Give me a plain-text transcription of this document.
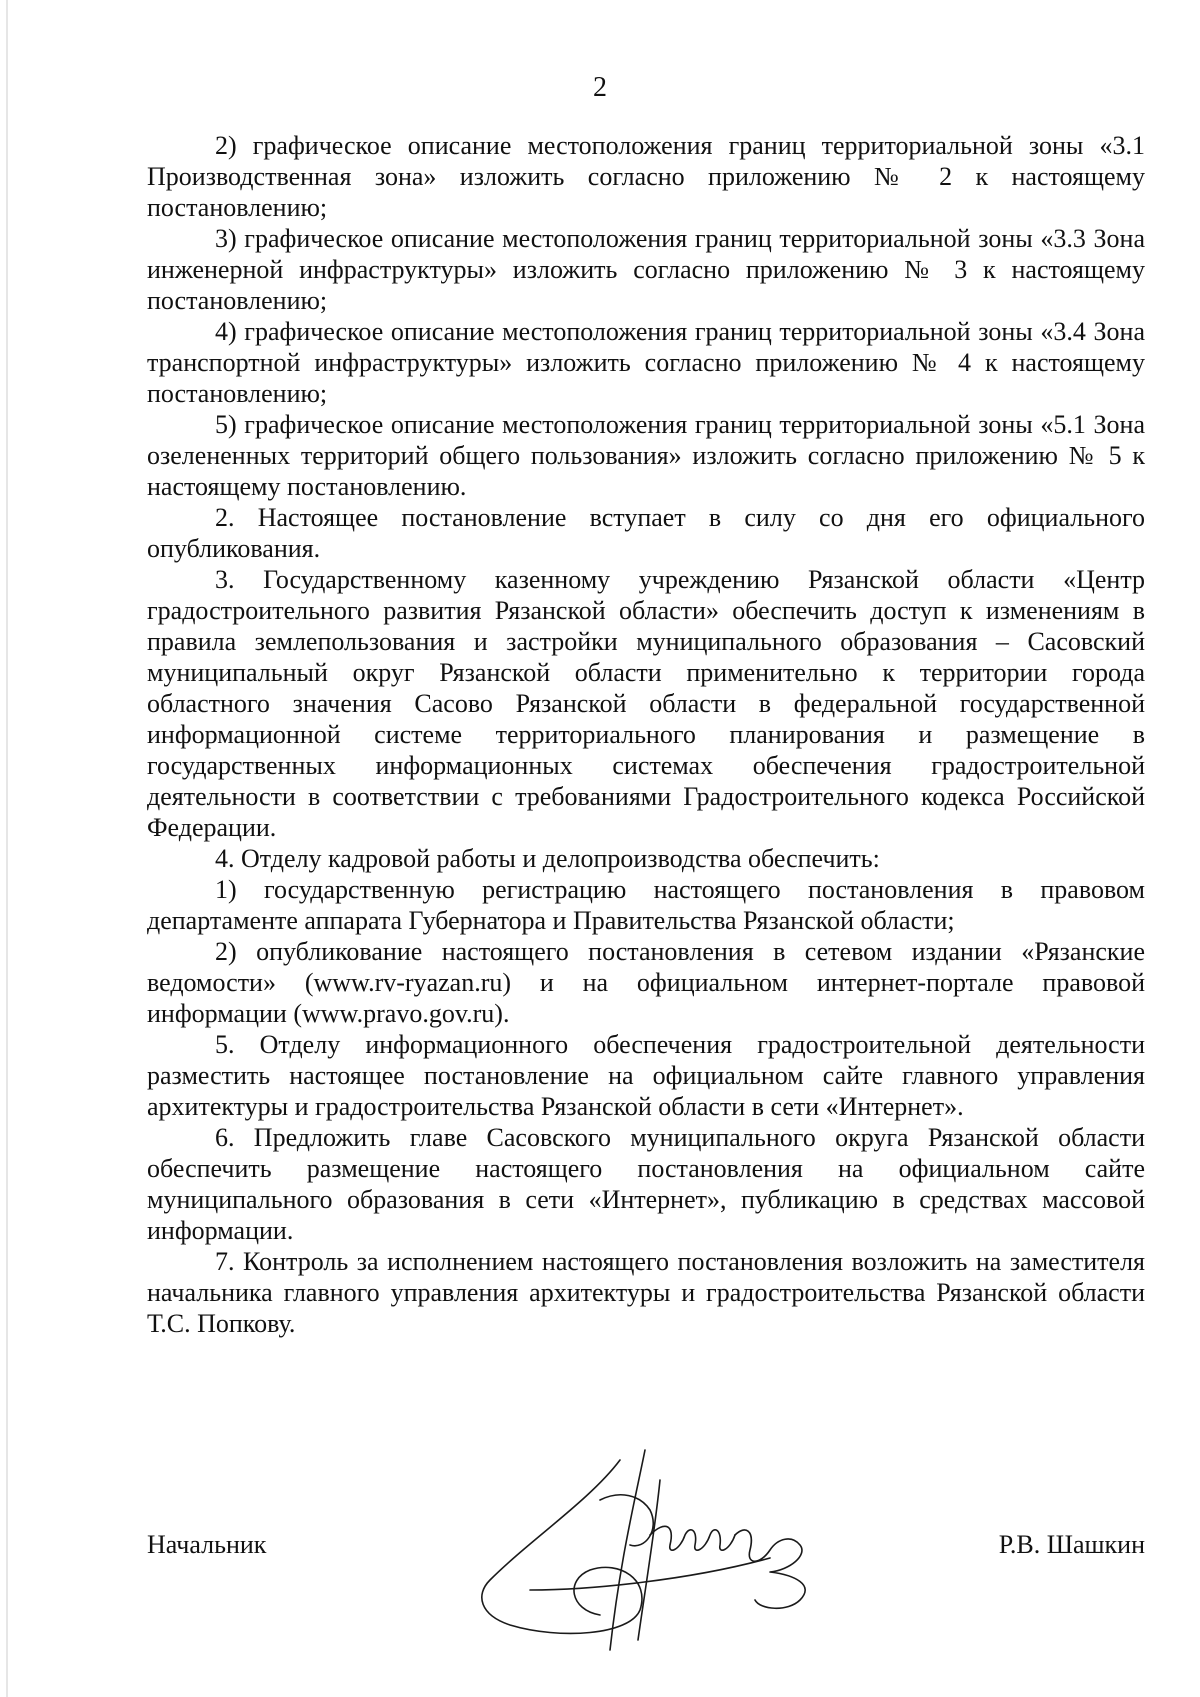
2

2) графическое описание местоположения границ территориальной зоны «3.1 Производственная зона» изложить согласно приложению № 2 к настоящему постановлению;

3) графическое описание местоположения границ территориальной зоны «3.3 Зона инженерной инфраструктуры» изложить согласно приложению № 3 к настоящему постановлению;

4) графическое описание местоположения границ территориальной зоны «3.4 Зона транспортной инфраструктуры» изложить согласно приложению № 4 к настоящему постановлению;

5) графическое описание местоположения границ территориальной зоны «5.1 Зона озелененных территорий общего пользования» изложить согласно приложению № 5 к настоящему постановлению.

2. Настоящее постановление вступает в силу со дня его официального опубликования.

3. Государственному казенному учреждению Рязанской области «Центр градостроительного развития Рязанской области» обеспечить доступ к изменениям в правила землепользования и застройки муниципального образования – Сасовский муниципальный округ Рязанской области применительно к территории города областного значения Сасово Рязанской области в федеральной государственной информационной системе территориального планирования и размещение в государственных информационных системах обеспечения градостроительной деятельности в соответствии с требованиями Градостроительного кодекса Российской Федерации.

4. Отделу кадровой работы и делопроизводства обеспечить:

1) государственную регистрацию настоящего постановления в правовом департаменте аппарата Губернатора и Правительства Рязанской области;

2) опубликование настоящего постановления в сетевом издании «Рязанские ведомости» (www.rv-ryazan.ru) и на официальном интернет-портале правовой информации (www.pravo.gov.ru).

5. Отделу информационного обеспечения градостроительной деятельности разместить настоящее постановление на официальном сайте главного управления архитектуры и градостроительства Рязанской области в сети «Интернет».

6. Предложить главе Сасовского муниципального округа Рязанской области обеспечить размещение настоящего постановления на официальном сайте муниципального образования в сети «Интернет», публикацию в средствах массовой информации.

7. Контроль за исполнением настоящего постановления возложить на заместителя начальника главного управления архитектуры и градостроительства Рязанской области Т.С. Попкову.

Начальник	Р.В. Шашкин
